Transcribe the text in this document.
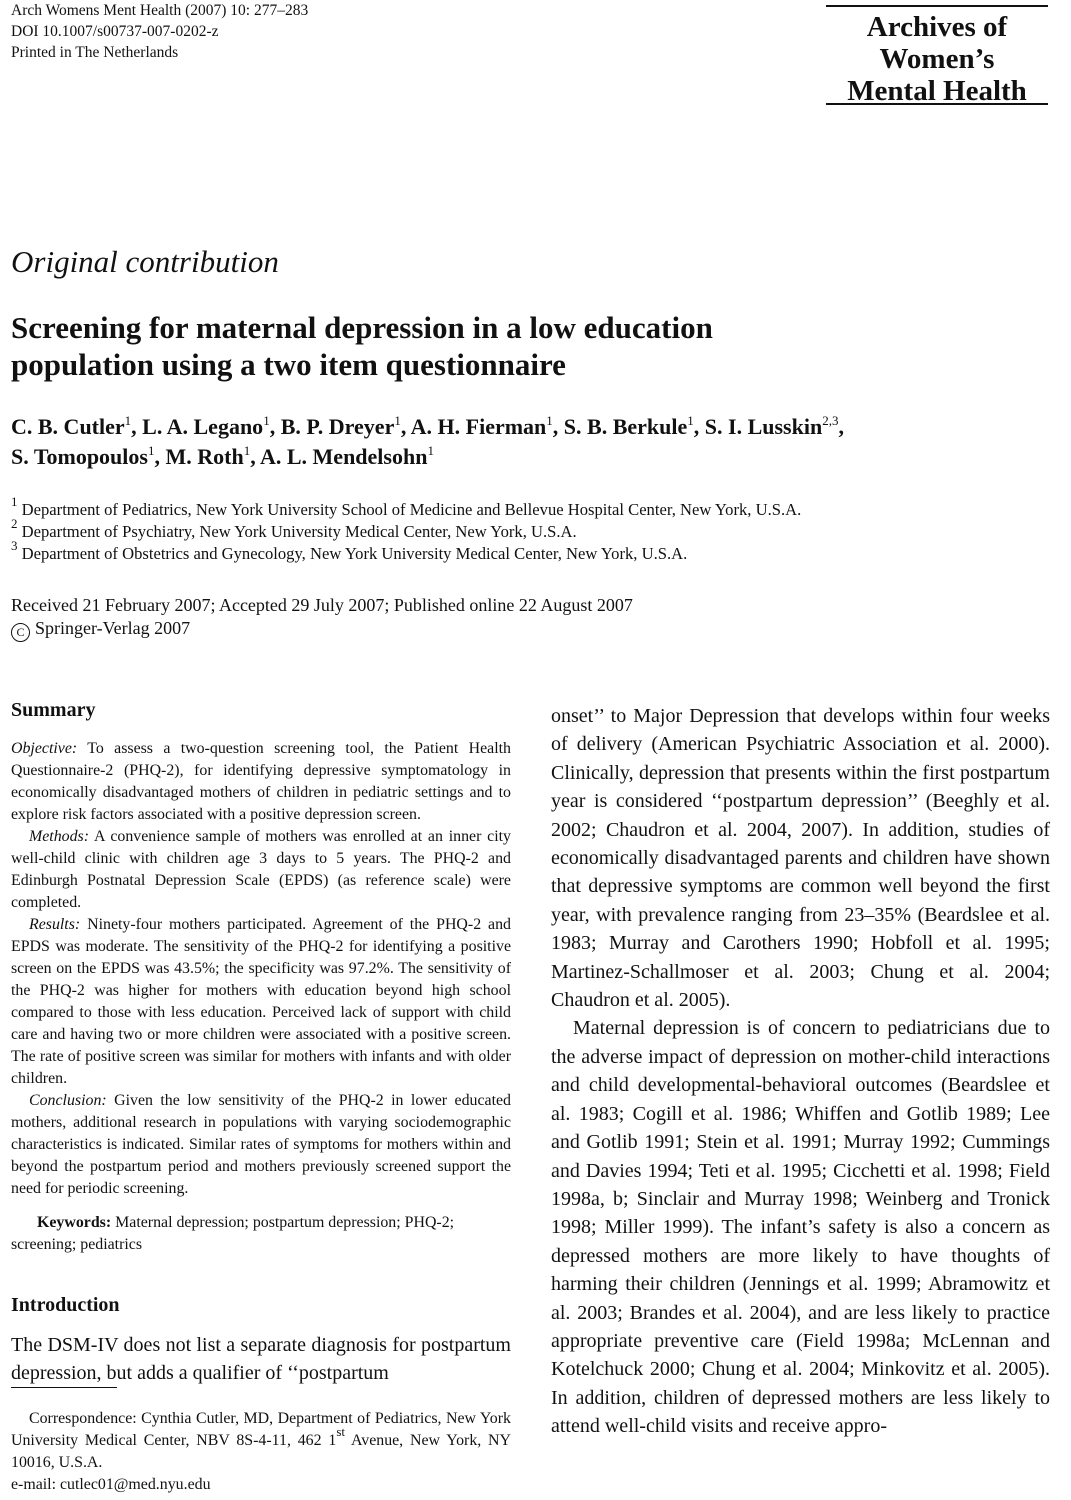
Arch Womens Ment Health (2007) 10: 277–283
DOI 10.1007/s00737-007-0202-z
Printed in The Netherlands
Archives of
Women’s
Mental Health
Original contribution
Screening for maternal depression in a low education
population using a two item questionnaire
C. B. Cutler$^1$, L. A. Legano$^1$, B. P. Dreyer$^1$, A. H. Fierman$^1$, S. B. Berkule$^1$, S. I. Lusskin$^{2,3}$,
S. Tomopoulos$^1$, M. Roth$^1$, A. L. Mendelsohn$^1$
$^1$ Department of Pediatrics, New York University School of Medicine and Bellevue Hospital Center, New York, U.S.A.
$^2$ Department of Psychiatry, New York University Medical Center, New York, U.S.A.
$^3$ Department of Obstetrics and Gynecology, New York University Medical Center, New York, U.S.A.
Received 21 February 2007; Accepted 29 July 2007; Published online 22 August 2007
C Springer-Verlag 2007
Summary

Objective: To assess a two-question screening tool, the Patient Health Questionnaire-2 (PHQ-2), for identifying depressive symptomatology in economically disadvantaged mothers of children in pediatric settings and to explore risk factors associated with a positive depression screen.

Methods: A convenience sample of mothers was enrolled at an inner city well-child clinic with children age 3 days to 5 years. The PHQ-2 and Edinburgh Postnatal Depression Scale (EPDS) (as reference scale) were completed.

Results: Ninety-four mothers participated. Agreement of the PHQ-2 and EPDS was moderate. The sensitivity of the PHQ-2 for identifying a positive screen on the EPDS was 43.5%; the specificity was 97.2%. The sensitivity of the PHQ-2 was higher for mothers with education beyond high school compared to those with less education. Perceived lack of support with child care and having two or more children were associated with a positive screen. The rate of positive screen was similar for mothers with infants and with older children.

Conclusion: Given the low sensitivity of the PHQ-2 in lower educated mothers, additional research in populations with varying sociodemographic characteristics is indicated. Similar rates of symptoms for mothers within and beyond the postpartum period and mothers previously screened support the need for periodic screening.

Keywords: Maternal depression; postpartum depression; PHQ-2; screening; pediatrics

Introduction
The DSM-IV does not list a separate diagnosis for postpartum depression, but adds a qualifier of ‘‘postpartum

Correspondence: Cynthia Cutler, MD, Department of Pediatrics, New York University Medical Center, NBV 8S-4-11, 462 1st Avenue, New York, NY 10016, U.S.A.

e-mail: cutlec01@med.nyu.edu

onset’’ to Major Depression that develops within four weeks of delivery (American Psychiatric Association et al. 2000). Clinically, depression that presents within the first postpartum year is considered ‘‘postpartum depression’’ (Beeghly et al. 2002; Chaudron et al. 2004, 2007). In addition, studies of economically disadvantaged parents and children have shown that depressive symptoms are common well beyond the first year, with prevalence ranging from 23–35% (Beardslee et al. 1983; Murray and Carothers 1990; Hobfoll et al. 1995; Martinez-Schallmoser et al. 2003; Chung et al. 2004; Chaudron et al. 2005).

Maternal depression is of concern to pediatricians due to the adverse impact of depression on mother-child interactions and child developmental-behavioral outcomes (Beardslee et al. 1983; Cogill et al. 1986; Whiffen and Gotlib 1989; Lee and Gotlib 1991; Stein et al. 1991; Murray 1992; Cummings and Davies 1994; Teti et al. 1995; Cicchetti et al. 1998; Field 1998a, b; Sinclair and Murray 1998; Weinberg and Tronick 1998; Miller 1999). The infant’s safety is also a concern as depressed mothers are more likely to have thoughts of harming their children (Jennings et al. 1999; Abramowitz et al. 2003; Brandes et al. 2004), and are less likely to practice appropriate preventive care (Field 1998a; McLennan and Kotelchuck 2000; Chung et al. 2004; Minkovitz et al. 2005). In addition, children of depressed mothers are less likely to attend well-child visits and receive appro-
